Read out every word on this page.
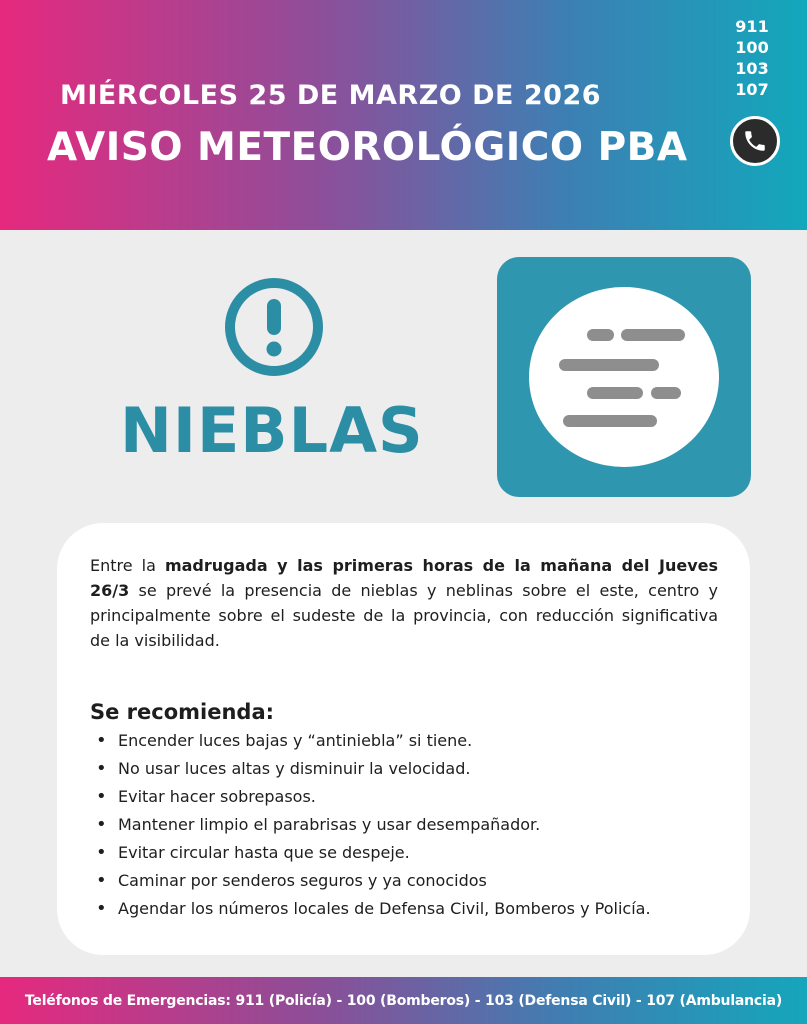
MIÉRCOLES 25 DE MARZO DE 2026
AVISO METEOROLÓGICO PBA
911
100
103
107
NIEBLAS
Entre la madrugada y las primeras horas de la mañana del Jueves 26/3 se prevé la presencia de nieblas y neblinas sobre el este, centro y principalmente sobre el sudeste de la provincia, con reducción significativa de la visibilidad.
Se recomienda:
• Encender luces bajas y “antiniebla” si tiene.
• No usar luces altas y disminuir la velocidad.
• Evitar hacer sobrepasos.
• Mantener limpio el parabrisas y usar desempañador.
• Evitar circular hasta que se despeje.
• Caminar por senderos seguros y ya conocidos
• Agendar los números locales de Defensa Civil, Bomberos y Policía.
Teléfonos de Emergencias: 911 (Policía) - 100 (Bomberos) - 103 (Defensa Civil) - 107 (Ambulancia)
